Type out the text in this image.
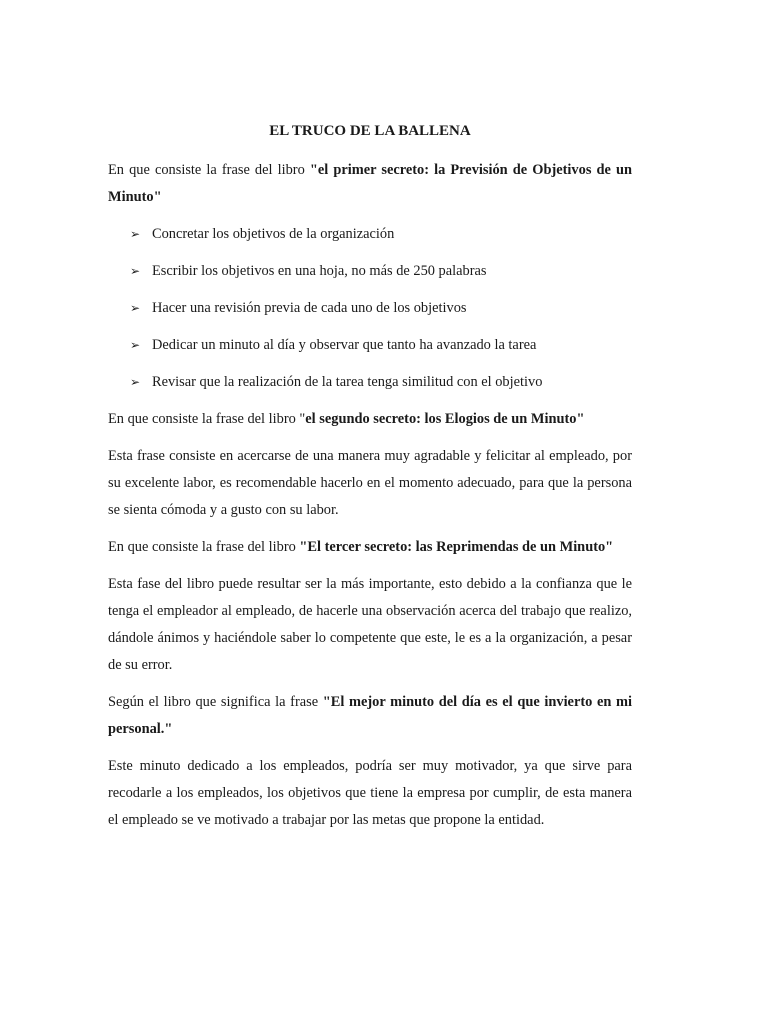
EL TRUCO DE LA BALLENA

En que consiste la frase del libro "el primer secreto: la Previsión de Objetivos de un Minuto"

➢ Concretar los objetivos de la organización
➢ Escribir los objetivos en una hoja, no más de 250 palabras
➢ Hacer una revisión previa de cada uno de los objetivos
➢ Dedicar un minuto al día y observar que tanto ha avanzado la tarea
➢ Revisar que la realización de la tarea tenga similitud con el objetivo

En que consiste la frase del libro "el segundo secreto: los Elogios de un Minuto"

Esta frase consiste en acercarse de una manera muy agradable y felicitar al empleado, por su excelente labor, es recomendable hacerlo en el momento adecuado, para que la persona se sienta cómoda y a gusto con su labor.

En que consiste la frase del libro "El tercer secreto: las Reprimendas de un Minuto"

Esta fase del libro puede resultar ser la más importante, esto debido a la confianza que le tenga el empleador al empleado, de hacerle una observación acerca del trabajo que realizo, dándole ánimos y haciéndole saber lo competente que este, le es a la organización, a pesar de su error.

Según el libro que significa la frase "El mejor minuto del día es el que invierto en mi personal."

Este minuto dedicado a los empleados, podría ser muy motivador, ya que sirve para recodarle a los empleados, los objetivos que tiene la empresa por cumplir, de esta manera el empleado se ve motivado a trabajar por las metas que propone la entidad.
